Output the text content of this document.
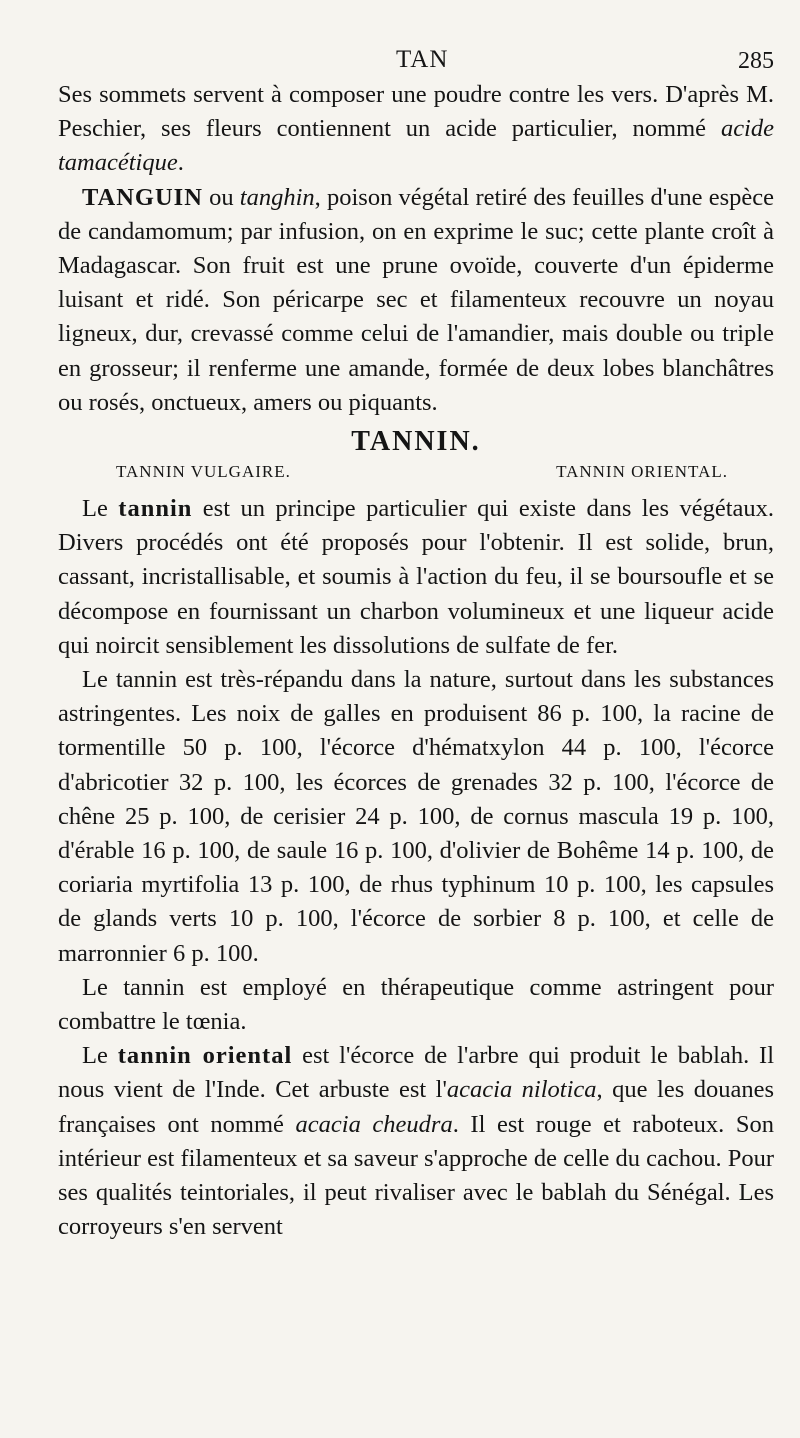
TAN	285

Ses sommets servent à composer une poudre contre les vers. D'après M. Peschier, ses fleurs contiennent un acide particulier, nommé acide tamacétique.

TANGUIN ou tanghin, poison végétal retiré des feuilles d'une espèce de candamomum; par infusion, on en exprime le suc; cette plante croît à Madagascar. Son fruit est une prune ovoïde, couverte d'un épiderme luisant et ridé. Son péricarpe sec et filamenteux recouvre un noyau ligneux, dur, crevassé comme celui de l'amandier, mais double ou triple en grosseur; il renferme une amande, formée de deux lobes blanchâtres ou rosés, onctueux, amers ou piquants.

TANNIN.
TANNIN VULGAIRE.	TANNIN ORIENTAL.

Le tannin est un principe particulier qui existe dans les végétaux. Divers procédés ont été proposés pour l'obtenir. Il est solide, brun, cassant, incristallisable, et soumis à l'action du feu, il se boursoufle et se décompose en fournissant un charbon volumineux et une liqueur acide qui noircit sensiblement les dissolutions de sulfate de fer.

Le tannin est très-répandu dans la nature, surtout dans les substances astringentes. Les noix de galles en produisent 86 p. 100, la racine de tormentille 50 p. 100, l'écorce d'hématxylon 44 p. 100, l'écorce d'abricotier 32 p. 100, les écorces de grenades 32 p. 100, l'écorce de chêne 25 p. 100, de cerisier 24 p. 100, de cornus mascula 19 p. 100, d'érable 16 p. 100, de saule 16 p. 100, d'olivier de Bohême 14 p. 100, de coriaria myrtifolia 13 p. 100, de rhus typhinum 10 p. 100, les capsules de glands verts 10 p. 100, l'écorce de sorbier 8 p. 100, et celle de marronnier 6 p. 100.

Le tannin est employé en thérapeutique comme astringent pour combattre le tœnia.

Le tannin oriental est l'écorce de l'arbre qui produit le bablah. Il nous vient de l'Inde. Cet arbuste est l'acacia nilotica, que les douanes françaises ont nommé acacia cheudra. Il est rouge et raboteux. Son intérieur est filamenteux et sa saveur s'approche de celle du cachou. Pour ses qualités teintoriales, il peut rivaliser avec le bablah du Sénégal. Les corroyeurs s'en servent
